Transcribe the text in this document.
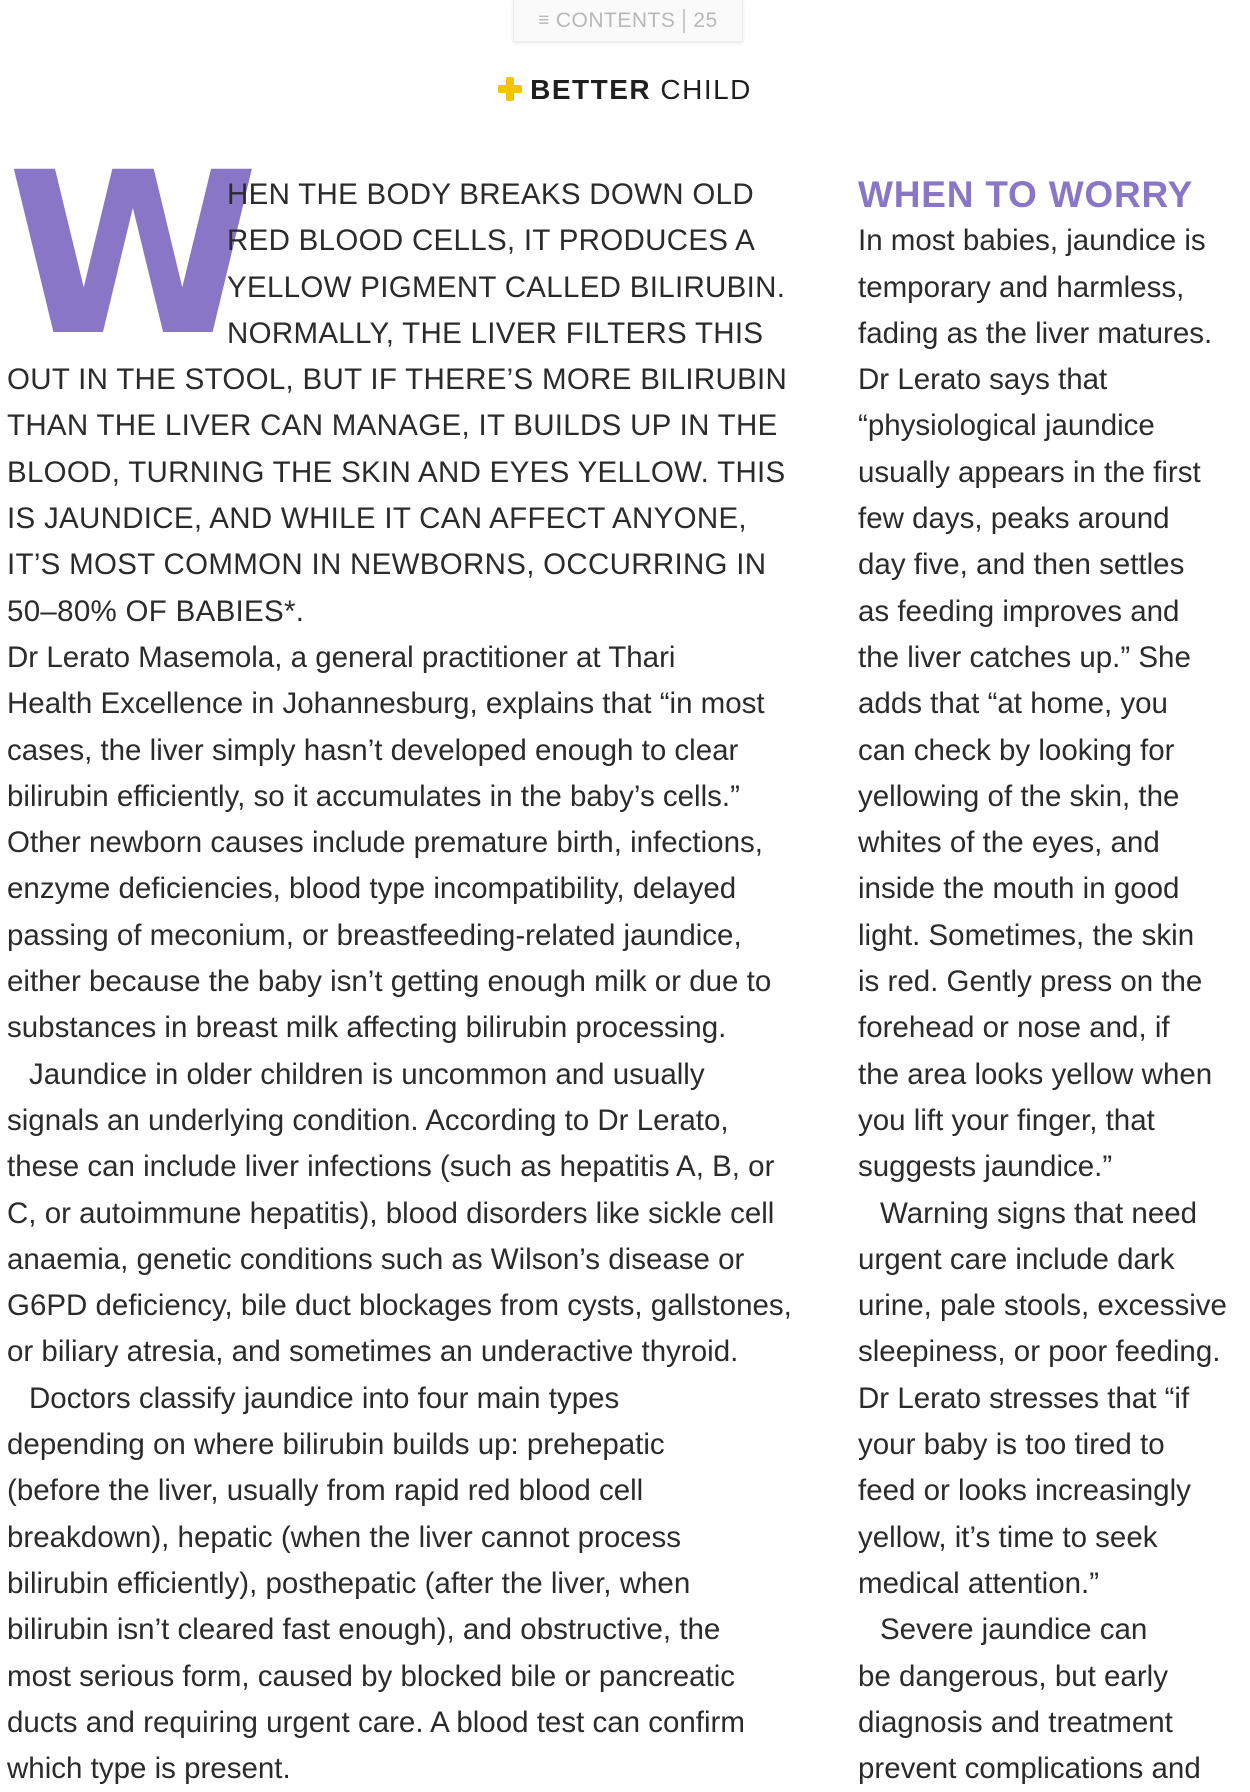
≡ CONTENTS 25
BETTER CHILD
W
HEN THE BODY BREAKS DOWN OLD
RED BLOOD CELLS, IT PRODUCES A
YELLOW PIGMENT CALLED BILIRUBIN.
NORMALLY, THE LIVER FILTERS THIS
OUT IN THE STOOL, BUT IF THERE’S MORE BILIRUBIN
THAN THE LIVER CAN MANAGE, IT BUILDS UP IN THE
BLOOD, TURNING THE SKIN AND EYES YELLOW. THIS
IS JAUNDICE, AND WHILE IT CAN AFFECT ANYONE,
IT’S MOST COMMON IN NEWBORNS, OCCURRING IN
50–80% OF BABIES*.
Dr Lerato Masemola, a general practitioner at Thari
Health Excellence in Johannesburg, explains that “in most
cases, the liver simply hasn’t developed enough to clear
bilirubin efficiently, so it accumulates in the baby’s cells.”
Other newborn causes include premature birth, infections,
enzyme deficiencies, blood type incompatibility, delayed
passing of meconium, or breastfeeding-related jaundice,
either because the baby isn’t getting enough milk or due to
substances in breast milk affecting bilirubin processing.
Jaundice in older children is uncommon and usually
signals an underlying condition. According to Dr Lerato,
these can include liver infections (such as hepatitis A, B, or
C, or autoimmune hepatitis), blood disorders like sickle cell
anaemia, genetic conditions such as Wilson’s disease or
G6PD deficiency, bile duct blockages from cysts, gallstones,
or biliary atresia, and sometimes an underactive thyroid.
Doctors classify jaundice into four main types
depending on where bilirubin builds up: prehepatic
(before the liver, usually from rapid red blood cell
breakdown), hepatic (when the liver cannot process
bilirubin efficiently), posthepatic (after the liver, when
bilirubin isn’t cleared fast enough), and obstructive, the
most serious form, caused by blocked bile or pancreatic
ducts and requiring urgent care. A blood test can confirm
which type is present.
WHEN TO WORRY
In most babies, jaundice is
temporary and harmless,
fading as the liver matures.
Dr Lerato says that
“physiological jaundice
usually appears in the first
few days, peaks around
day five, and then settles
as feeding improves and
the liver catches up.” She
adds that “at home, you
can check by looking for
yellowing of the skin, the
whites of the eyes, and
inside the mouth in good
light. Sometimes, the skin
is red. Gently press on the
forehead or nose and, if
the area looks yellow when
you lift your finger, that
suggests jaundice.”
Warning signs that need
urgent care include dark
urine, pale stools, excessive
sleepiness, or poor feeding.
Dr Lerato stresses that “if
your baby is too tired to
feed or looks increasingly
yellow, it’s time to seek
medical attention.”
Severe jaundice can
be dangerous, but early
diagnosis and treatment
prevent complications and
